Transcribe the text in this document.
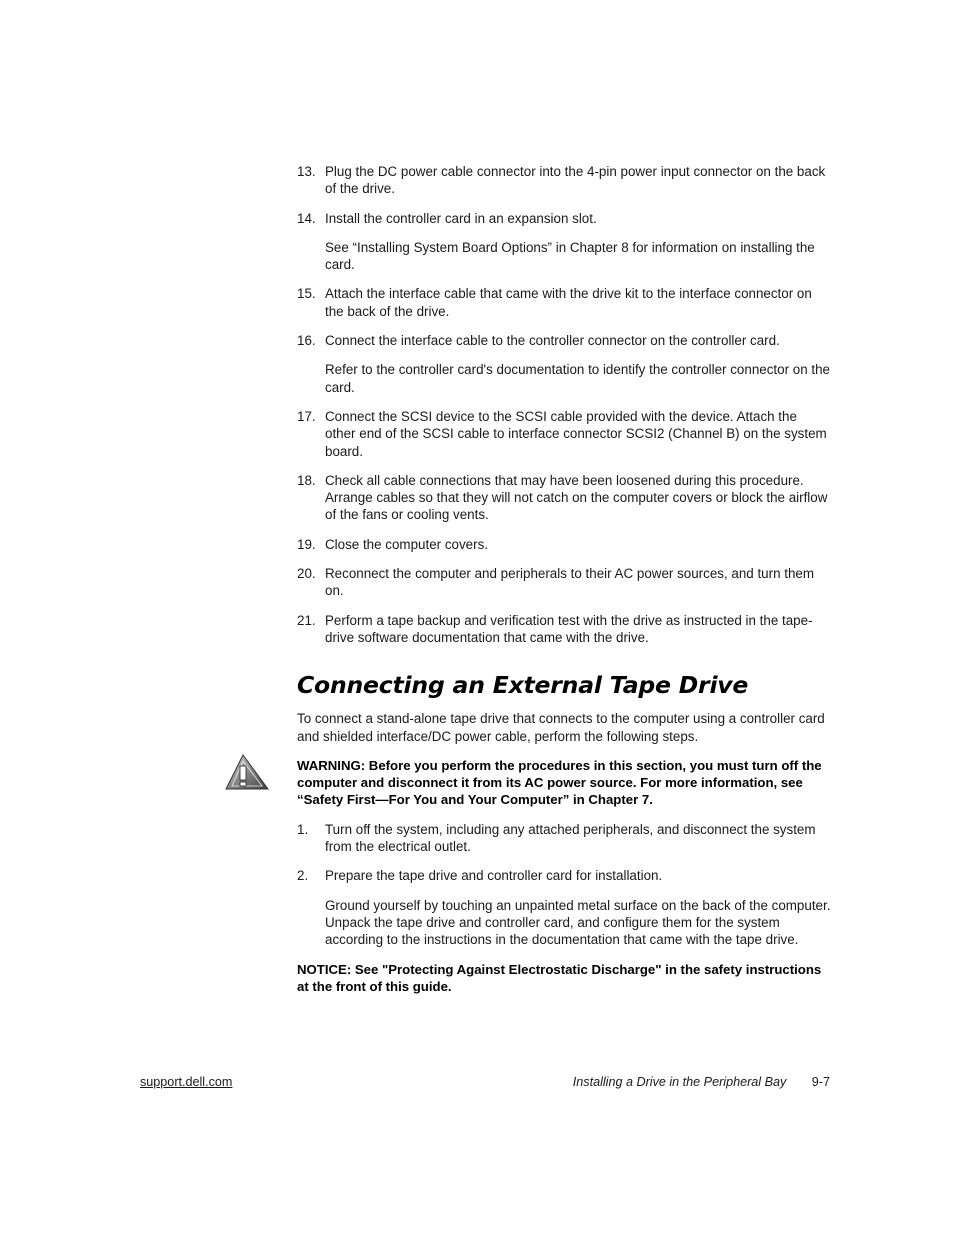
13. Plug the DC power cable connector into the 4-pin power input connector on the back of the drive.
14. Install the controller card in an expansion slot.
See “Installing System Board Options” in Chapter 8 for information on installing the card.
15. Attach the interface cable that came with the drive kit to the interface connector on the back of the drive.
16. Connect the interface cable to the controller connector on the controller card.
Refer to the controller card's documentation to identify the controller connector on the card.
17. Connect the SCSI device to the SCSI cable provided with the device. Attach the other end of the SCSI cable to interface connector SCSI2 (Channel B) on the system board.
18. Check all cable connections that may have been loosened during this procedure. Arrange cables so that they will not catch on the computer covers or block the airflow of the fans or cooling vents.
19. Close the computer covers.
20. Reconnect the computer and peripherals to their AC power sources, and turn them on.
21. Perform a tape backup and verification test with the drive as instructed in the tape-drive software documentation that came with the drive.
Connecting an External Tape Drive
To connect a stand-alone tape drive that connects to the computer using a controller card and shielded interface/DC power cable, perform the following steps.
WARNING: Before you perform the procedures in this section, you must turn off the computer and disconnect it from its AC power source. For more information, see “Safety First—For You and Your Computer” in Chapter 7.
1. Turn off the system, including any attached peripherals, and disconnect the system from the electrical outlet.
2. Prepare the tape drive and controller card for installation.
Ground yourself by touching an unpainted metal surface on the back of the computer. Unpack the tape drive and controller card, and configure them for the system according to the instructions in the documentation that came with the tape drive.
NOTICE: See "Protecting Against Electrostatic Discharge" in the safety instructions at the front of this guide.
support.dell.com	Installing a Drive in the Peripheral Bay 9-7
